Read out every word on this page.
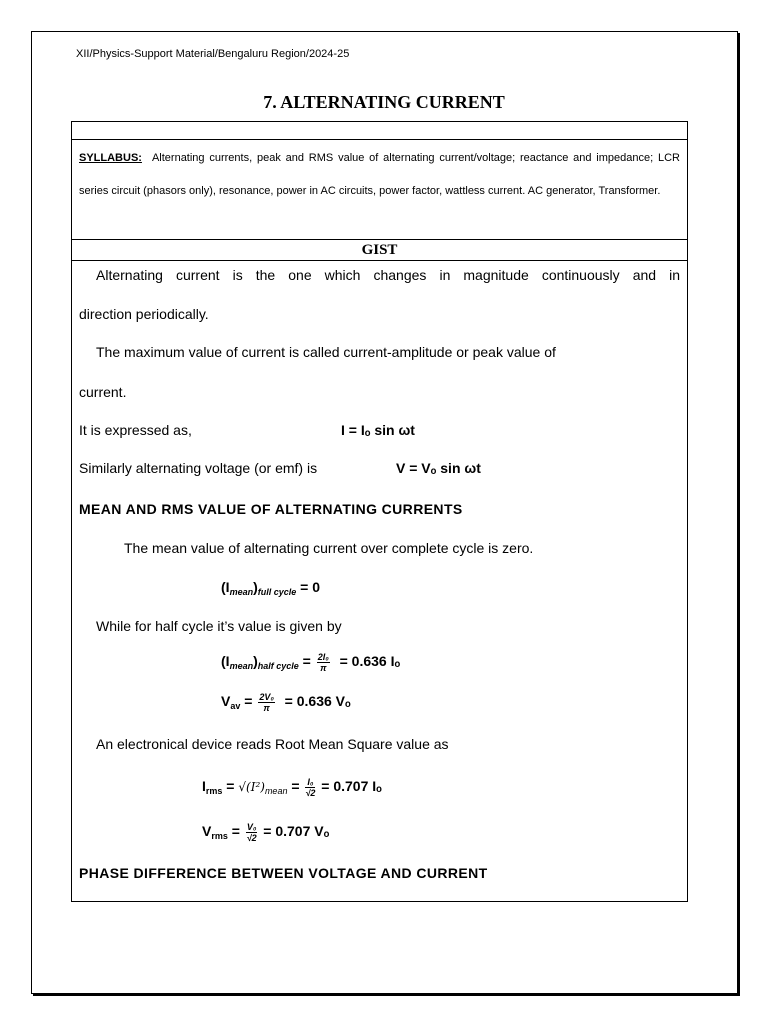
XII/Physics-Support Material/Bengaluru Region/2024-25
7. ALTERNATING CURRENT
SYLLABUS: Alternating currents, peak and RMS value of alternating current/voltage; reactance and impedance; LCR series circuit (phasors only), resonance, power in AC circuits, power factor, wattless current. AC generator, Transformer.
GIST
Alternating current is the one which changes in magnitude continuously and in
direction periodically.
The maximum value of current is called current-amplitude or peak value of
current.
It is expressed as,	I = Iₒ sin ωt
Similarly alternating voltage (or emf) is	V = Vₒ sin ωt
MEAN AND RMS VALUE OF ALTERNATING CURRENTS
The mean value of alternating current over complete cycle is zero.
$(I_{mean})_{full cycle} = 0$
While for half cycle it’s value is given by
$(I_{mean})_{half cycle} = \frac{\text{2I₀}}{\pi} = 0.636$ Iₒ
$V_{av} = \frac{\text{2V₀}}{\pi} = 0.636$ Vₒ
An electronical device reads Root Mean Square value as
$I_{rms} = √(I^2)_{mean} = \frac{\text{I₀}}{√2} = 0.707$ Iₒ
$V_{rms} = \frac{\text{V₀}}{√2} = 0.707$ Vₒ
PHASE DIFFERENCE BETWEEN VOLTAGE AND CURRENT
